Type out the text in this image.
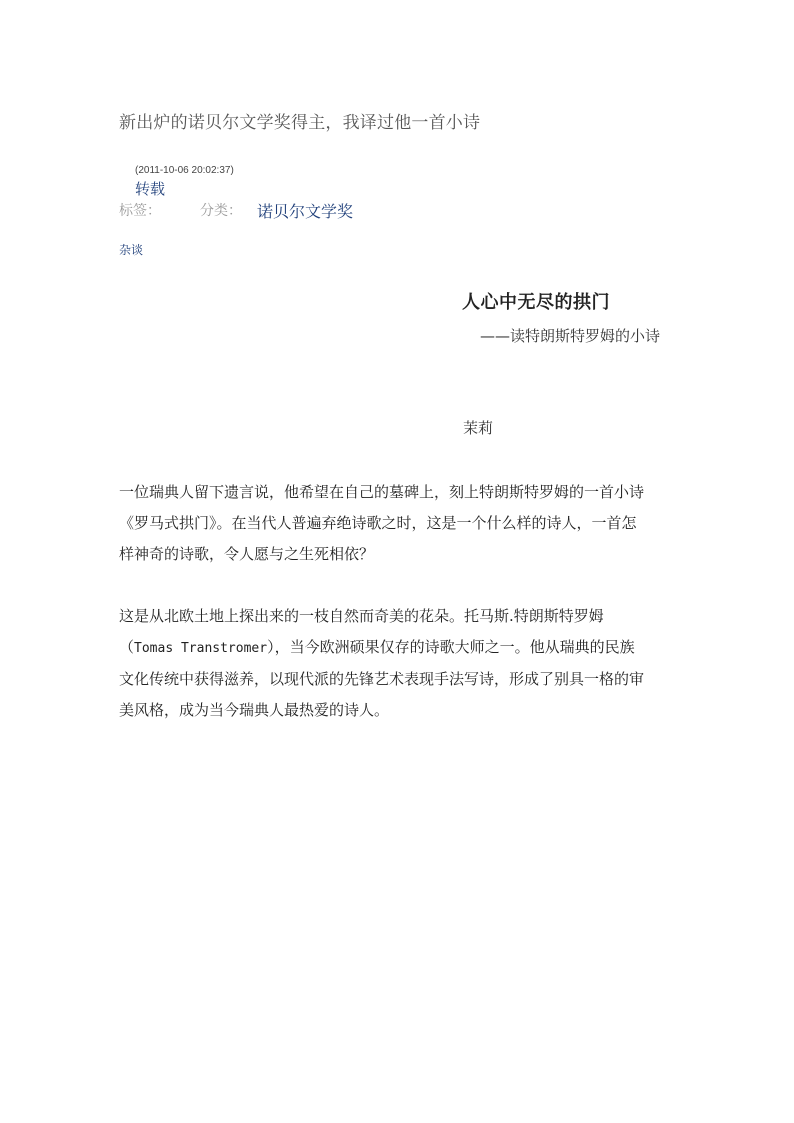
新出炉的诺贝尔文学奖得主，我译过他一首小诗
(2011-10-06 20:02:37)
转载
标签：	分类： 诺贝尔文学奖
杂谈
人心中无尽的拱门
——读特朗斯特罗姆的小诗
茉莉
一位瑞典人留下遗言说，他希望在自己的墓碑上，刻上特朗斯特罗姆的一首小诗
《罗马式拱门》。在当代人普遍弃绝诗歌之时，这是一个什么样的诗人，一首怎
样神奇的诗歌，令人愿与之生死相依？
这是从北欧土地上探出来的一枝自然而奇美的花朵。托马斯.特朗斯特罗姆
（Tomas Transtromer），当今欧洲硕果仅存的诗歌大师之一。他从瑞典的民族
文化传统中获得滋养，以现代派的先锋艺术表现手法写诗，形成了别具一格的审
美风格，成为当今瑞典人最热爱的诗人。
